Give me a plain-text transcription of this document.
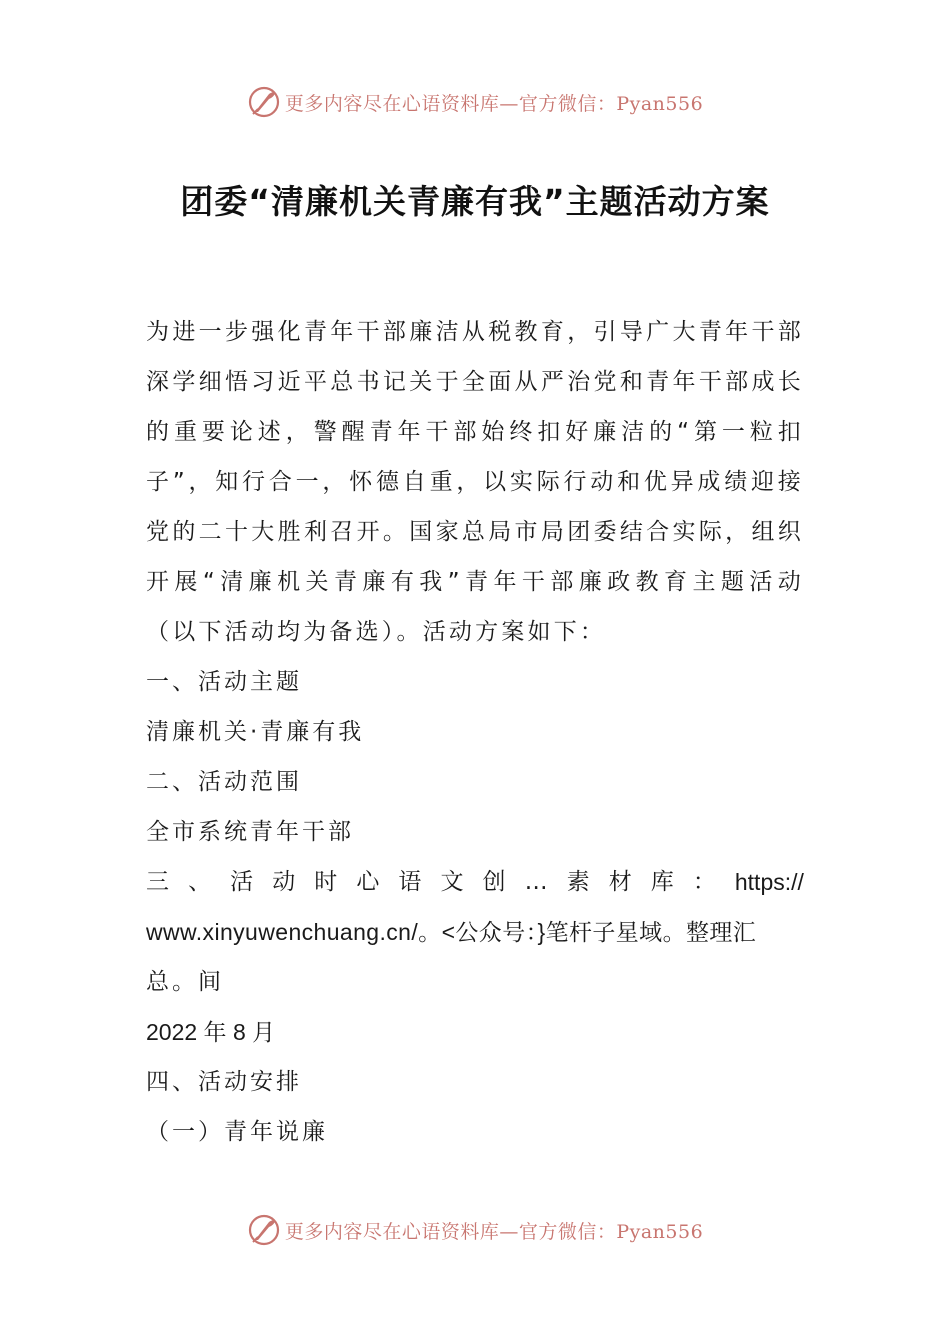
更多内容尽在心语资料库—官方微信：Pyan556
团委“清廉机关青廉有我”主题活动方案

为进一步强化青年干部廉洁从税教育，引导广大青年干部深学细悟习近平总书记关于全面从严治党和青年干部成长的重要论述，警醒青年干部始终扣好廉洁的“第一粒扣子”，知行合一，怀德自重，以实际行动和优异成绩迎接党的二十大胜利召开。国家总局市局团委结合实际，组织开展“清廉机关青廉有我”青年干部廉政教育主题活动（以下活动均为备选）。活动方案如下：

一、活动主题

清廉机关·青廉有我

二、活动范围

全市系统青年干部

三 、 活 动 时 心 语 文 创 … 素 材 库 ： https://

www.xinyuwenchuang.cn/。<公众号：}笔杆子星域。整理汇

总。间

2022 年 8 月

四、活动安排

（一）青年说廉

更多内容尽在心语资料库—官方微信：Pyan556
